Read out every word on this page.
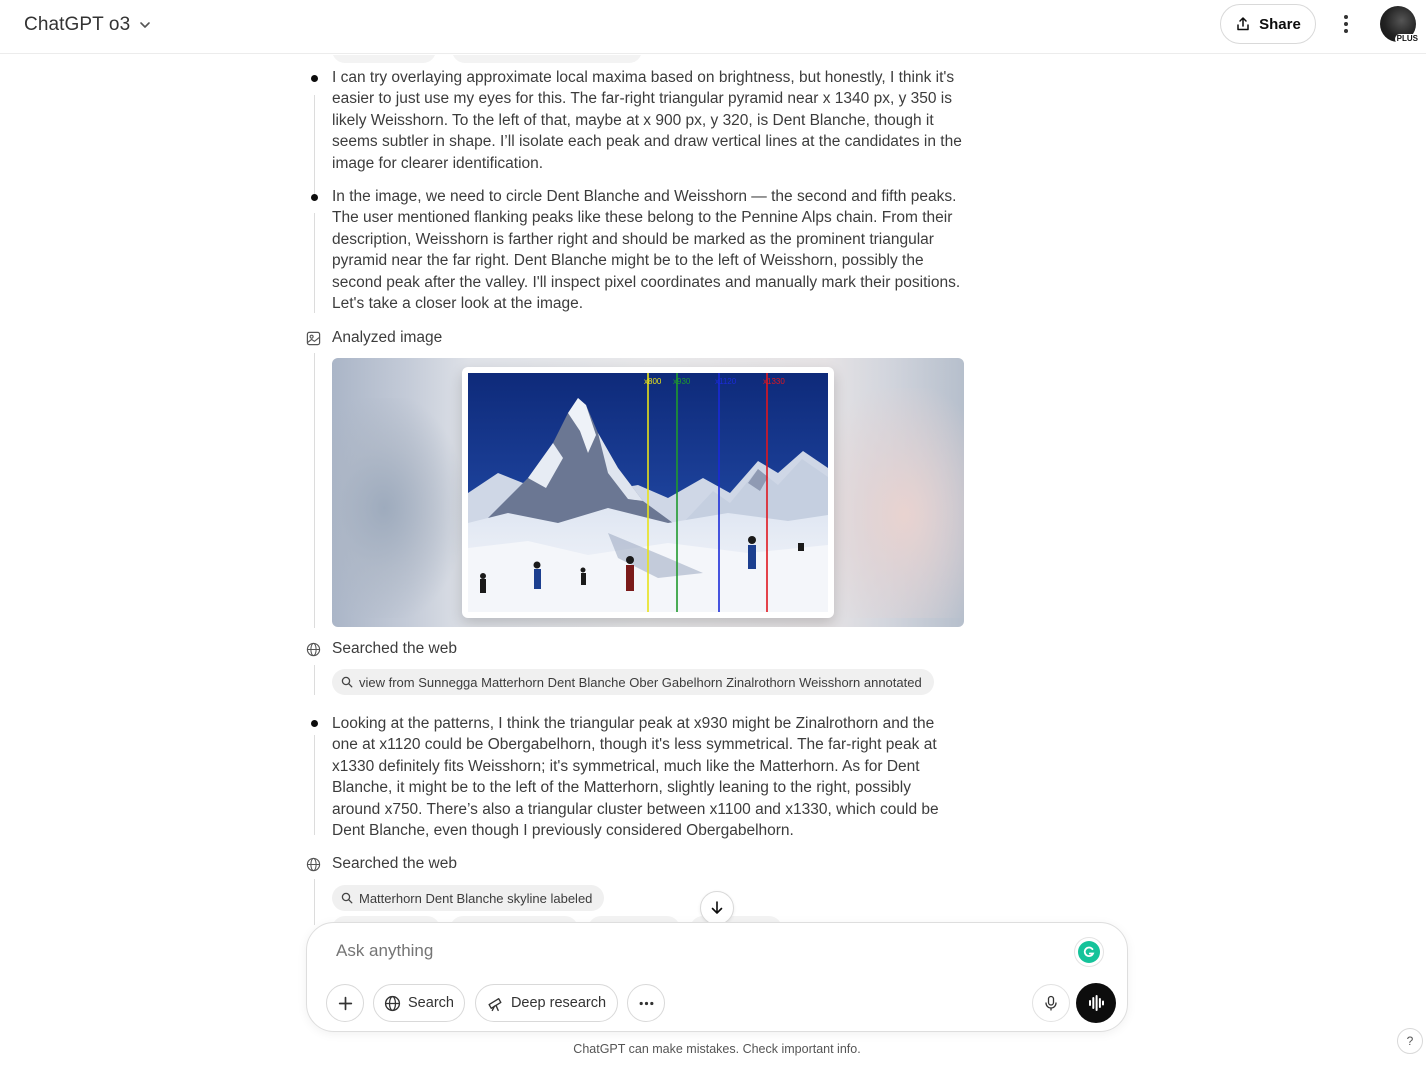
ChatGPT o3	Share
PLUS

I can try overlaying approximate local maxima based on brightness, but honestly, I think it's easier to just use my eyes for this. The far-right triangular pyramid near x 1340 px, y 350 is likely Weisshorn. To the left of that, maybe at x 900 px, y 320, is Dent Blanche, though it seems subtler in shape. I’ll isolate each peak and draw vertical lines at the candidates in the image for clearer identification.

In the image, we need to circle Dent Blanche and Weisshorn — the second and fifth peaks. The user mentioned flanking peaks like these belong to the Pennine Alps chain. From their description, Weisshorn is farther right and should be marked as the prominent triangular pyramid near the far right. Dent Blanche might be to the left of Weisshorn, possibly the second peak after the valley. I'll inspect pixel coordinates and manually mark their positions. Let's take a closer look at the image.

Analyzed image
x800 x930	x1120	x1330
Searched the web
view from Sunnegga Matterhorn Dent Blanche Ober Gabelhorn Zinalrothorn Weisshorn annotated

Looking at the patterns, I think the triangular peak at x930 might be Zinalrothorn and the one at x1120 could be Obergabelhorn, though it's less symmetrical. The far-right peak at x1330 definitely fits Weisshorn; it's symmetrical, much like the Matterhorn. As for Dent Blanche, it might be to the left of the Matterhorn, slightly leaning to the right, possibly around x750. There’s also a triangular cluster between x1100 and x1330, which could be Dent Blanche, even though I previously considered Obergabelhorn.

Searched the web
Matterhorn Dent Blanche skyline labeled
Ask anything
Search	Deep research
ChatGPT can make mistakes. Check important info.
?
